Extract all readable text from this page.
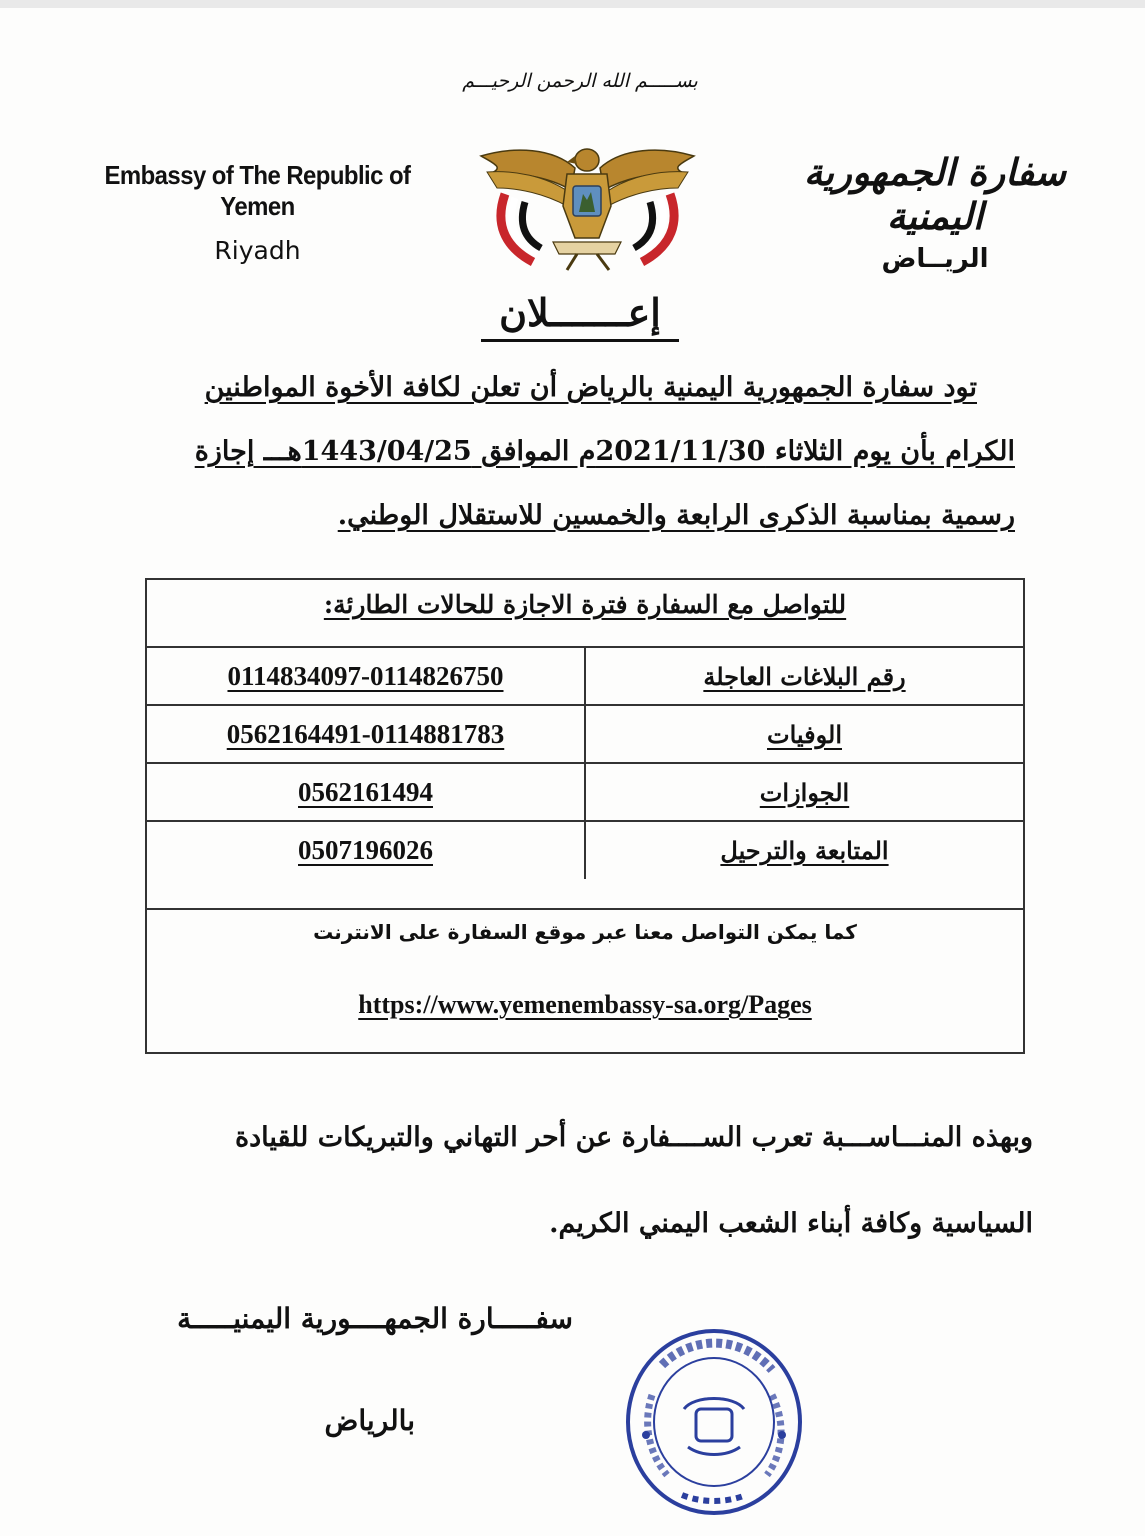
بســـــم الله الرحمن الرحيـــم
Embassy of The Republic of Yemen
Riyadh
سفارة الجمهورية اليمنية
الريــاض
إعـــــــلان
تود سفارة الجمهورية اليمنية بالرياض أن تعلن لكافة الأخوة المواطنين
الكرام بأن يوم الثلاثاء 2021/11/30م الموافق 1443/04/25هـــ إجازة
رسمية بمناسبة الذكرى الرابعة والخمسين للاستقلال الوطني.
للتواصل مع السفارة فترة الاجازة للحالات الطارئة:
0114834097-0114826750	رقم البلاغات العاجلة
0562164491-0114881783	الوفيات
0562161494	الجوازات
0507196026	المتابعة والترحيل
كما يمكن التواصل معنا عبر موقع السفارة على الانترنت
https://www.yemenembassy-sa.org/Pages
وبهذه المنـــاســـبة تعرب الســــفارة عن أحر التهاني والتبريكات للقيادة
السياسية وكافة أبناء الشعب اليمني الكريم.
سفـــــارة الجمهــــورية اليمنيـــــة
بالرياض
